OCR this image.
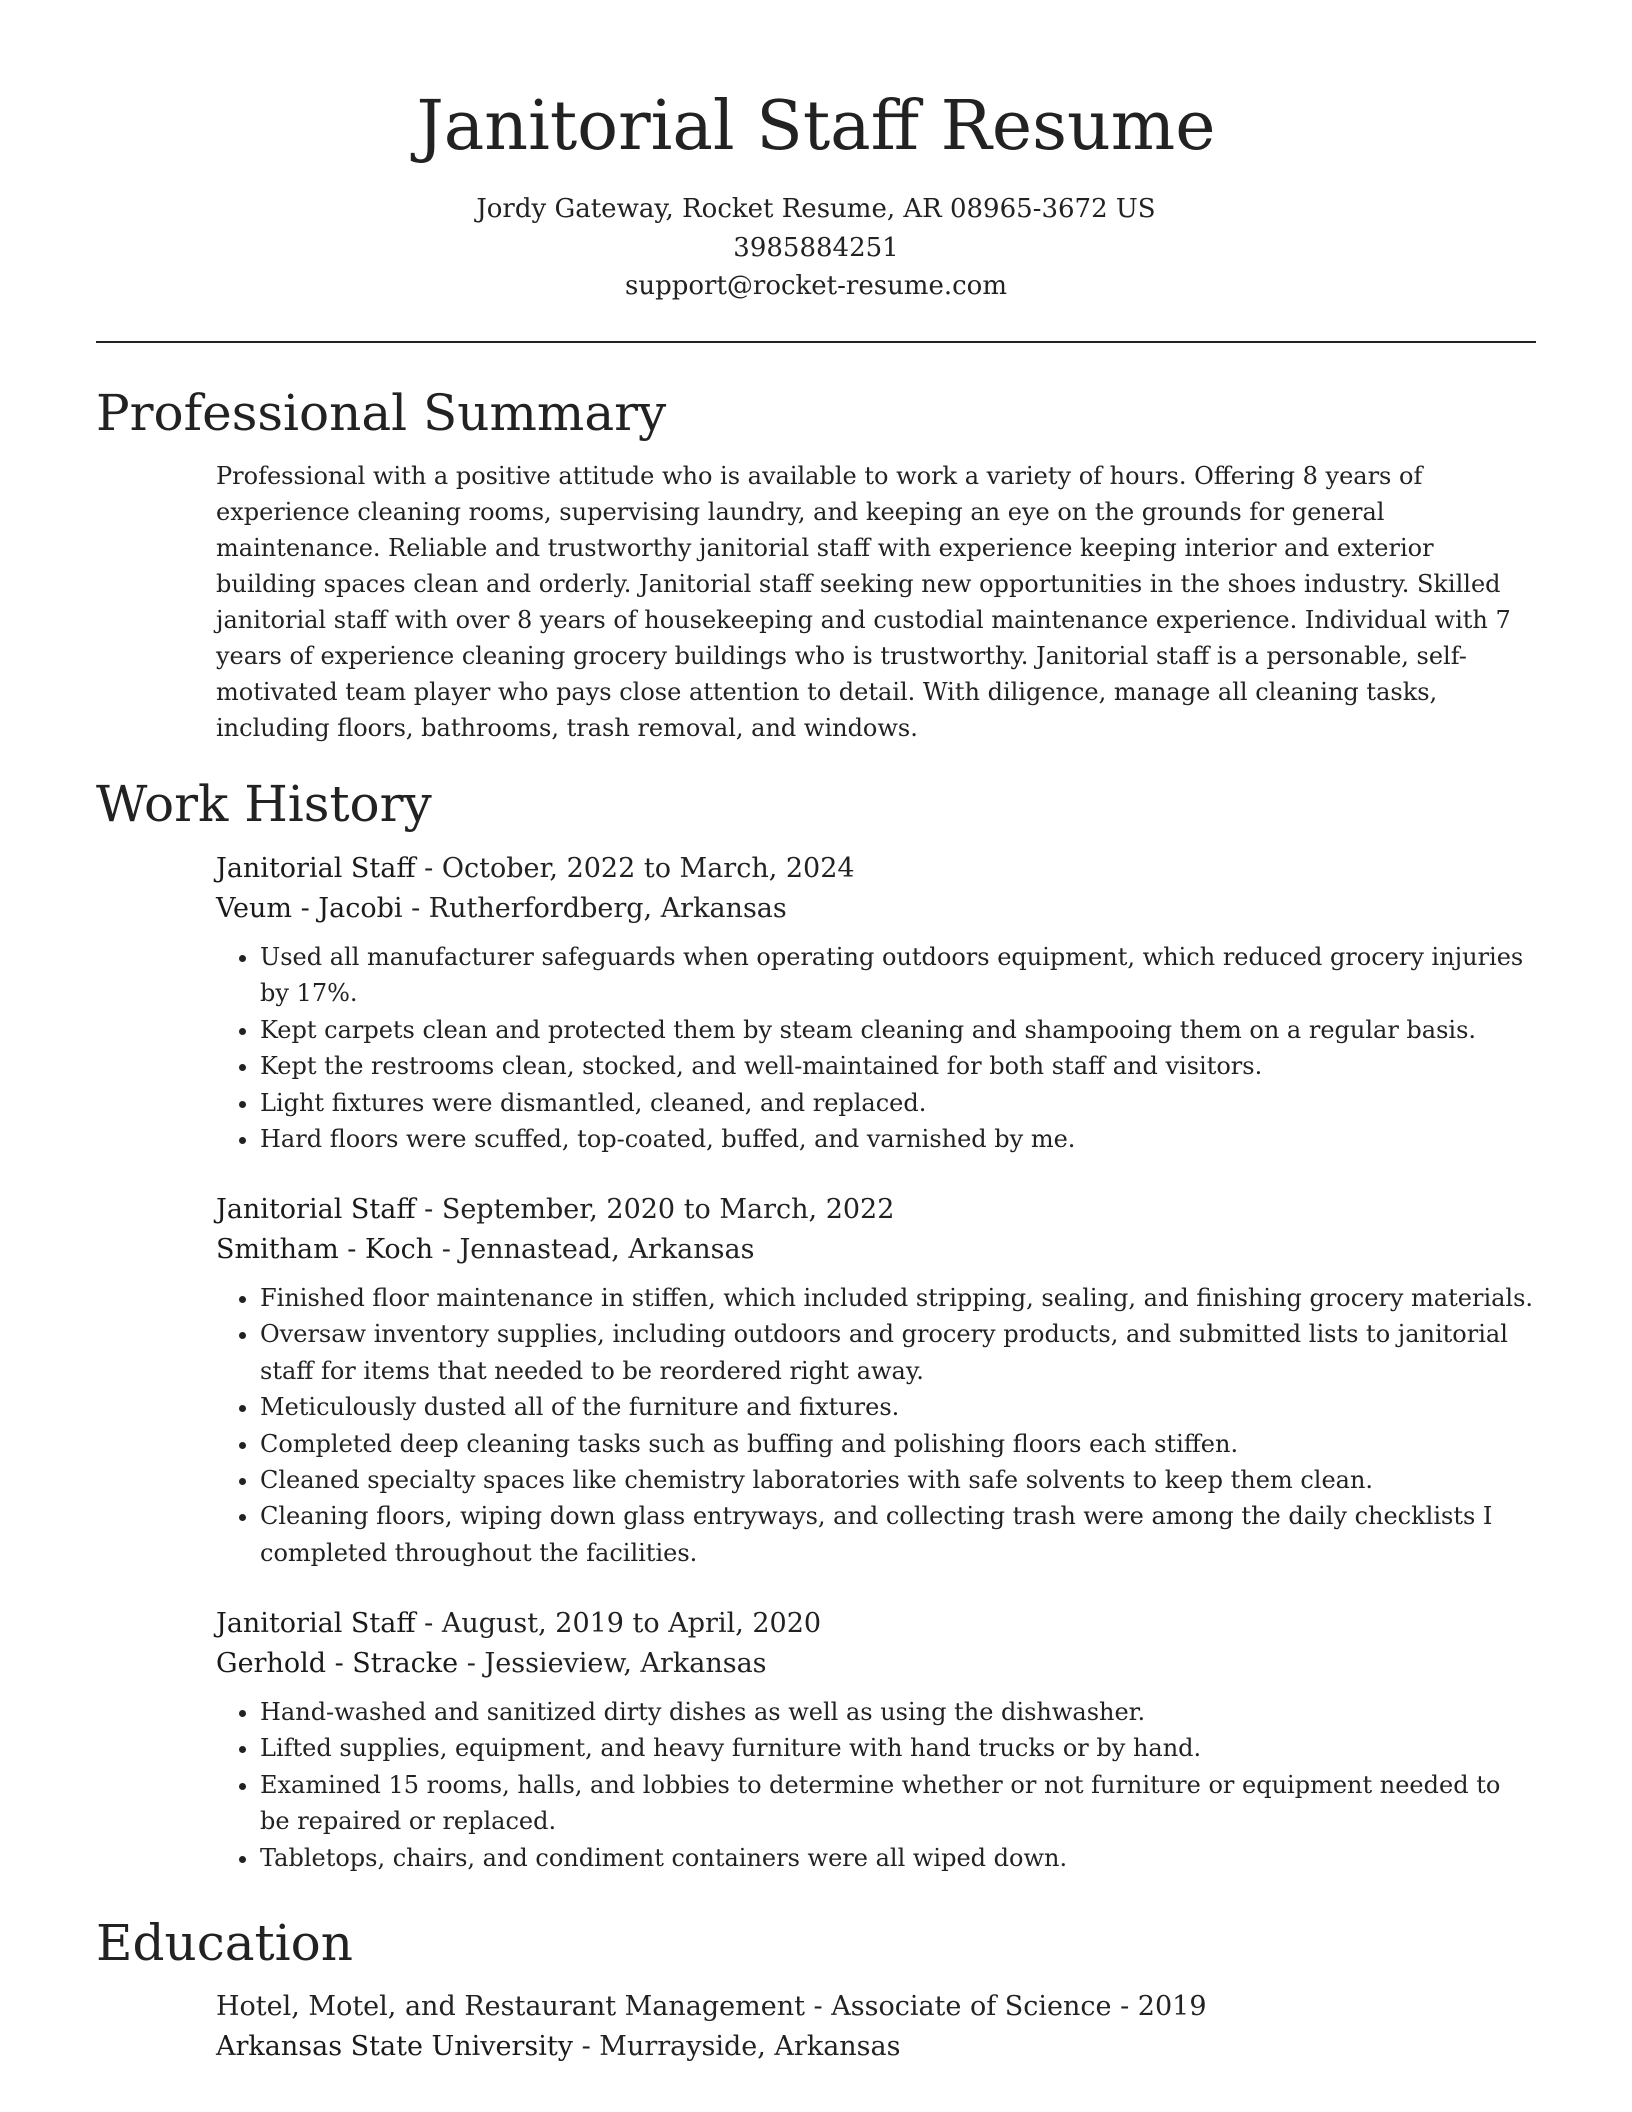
Janitorial Staff Resume
Jordy Gateway, Rocket Resume, AR 08965-3672 US
3985884251
support@rocket-resume.com
Professional Summary

Professional with a positive attitude who is available to work a variety of hours. Offering 8 years of experience cleaning rooms, supervising laundry, and keeping an eye on the grounds for general maintenance. Reliable and trustworthy janitorial staff with experience keeping interior and exterior building spaces clean and orderly. Janitorial staff seeking new opportunities in the shoes industry. Skilled janitorial staff with over 8 years of housekeeping and custodial maintenance experience. Individual with 7 years of experience cleaning grocery buildings who is trustworthy. Janitorial staff is a personable, self-motivated team player who pays close attention to detail. With diligence, manage all cleaning tasks, including floors, bathrooms, trash removal, and windows.

Work History

Janitorial Staff - October, 2022 to March, 2024

Veum - Jacobi - Rutherfordberg, Arkansas

• Used all manufacturer safeguards when operating outdoors equipment, which reduced grocery injuries by 17%.
• Kept carpets clean and protected them by steam cleaning and shampooing them on a regular basis.
• Kept the restrooms clean, stocked, and well-maintained for both staff and visitors.
• Light fixtures were dismantled, cleaned, and replaced.
• Hard floors were scuffed, top-coated, buffed, and varnished by me.

Janitorial Staff - September, 2020 to March, 2022

Smitham - Koch - Jennastead, Arkansas

• Finished floor maintenance in stiffen, which included stripping, sealing, and finishing grocery materials.
• Oversaw inventory supplies, including outdoors and grocery products, and submitted lists to janitorial staff for items that needed to be reordered right away.
• Meticulously dusted all of the furniture and fixtures.
• Completed deep cleaning tasks such as buffing and polishing floors each stiffen.
• Cleaned specialty spaces like chemistry laboratories with safe solvents to keep them clean.
• Cleaning floors, wiping down glass entryways, and collecting trash were among the daily checklists I completed throughout the facilities.

Janitorial Staff - August, 2019 to April, 2020

Gerhold - Stracke - Jessieview, Arkansas

• Hand-washed and sanitized dirty dishes as well as using the dishwasher.
• Lifted supplies, equipment, and heavy furniture with hand trucks or by hand.
• Examined 15 rooms, halls, and lobbies to determine whether or not furniture or equipment needed to be repaired or replaced.
• Tabletops, chairs, and condiment containers were all wiped down.
Education

Hotel, Motel, and Restaurant Management - Associate of Science - 2019

Arkansas State University - Murrayside, Arkansas
